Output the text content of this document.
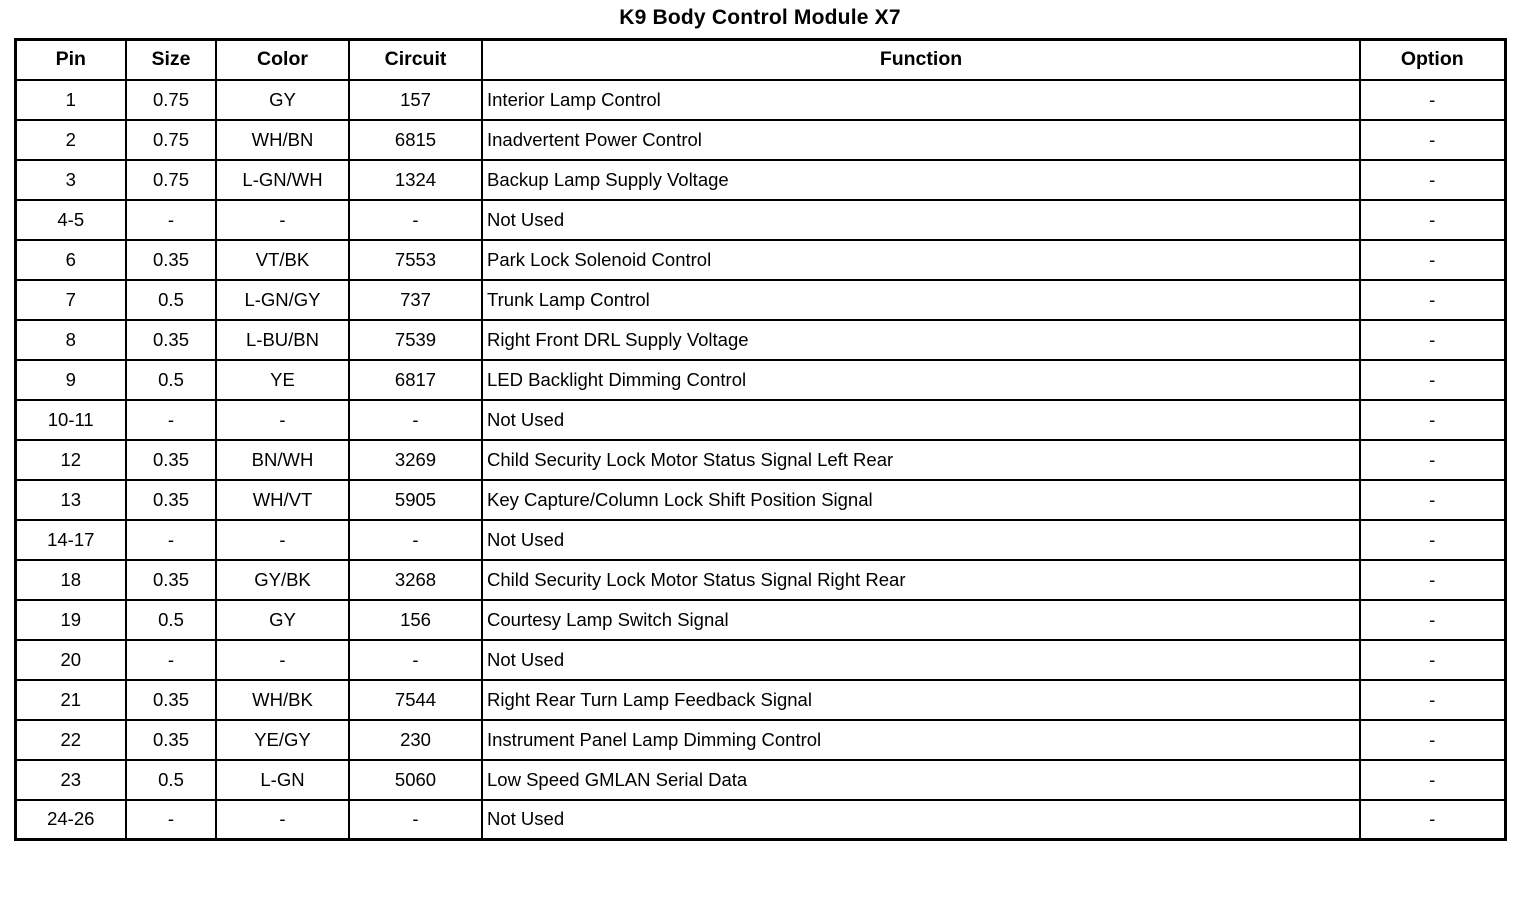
K9 Body Control Module X7
Pin	Size	Color	Circuit	Function	Option
1	0.75	GY	157	Interior Lamp Control	-
2	0.75	WH/BN	6815	Inadvertent Power Control	-
3	0.75	L-GN/WH	1324	Backup Lamp Supply Voltage	-
4-5	-	-	-	Not Used	-
6	0.35	VT/BK	7553	Park Lock Solenoid Control	-
7	0.5	L-GN/GY	737	Trunk Lamp Control	-
8	0.35	L-BU/BN	7539	Right Front DRL Supply Voltage	-
9	0.5	YE	6817	LED Backlight Dimming Control	-
10-11	-	-	-	Not Used	-
12	0.35	BN/WH	3269	Child Security Lock Motor Status Signal Left Rear	-
13	0.35	WH/VT	5905	Key Capture/Column Lock Shift Position Signal	-
14-17	-	-	-	Not Used	-
18	0.35	GY/BK	3268	Child Security Lock Motor Status Signal Right Rear	-
19	0.5	GY	156	Courtesy Lamp Switch Signal	-
20	-	-	-	Not Used	-
21	0.35	WH/BK	7544	Right Rear Turn Lamp Feedback Signal	-
22	0.35	YE/GY	230	Instrument Panel Lamp Dimming Control	-
23	0.5	L-GN	5060	Low Speed GMLAN Serial Data	-
24-26	-	-	-	Not Used	-
